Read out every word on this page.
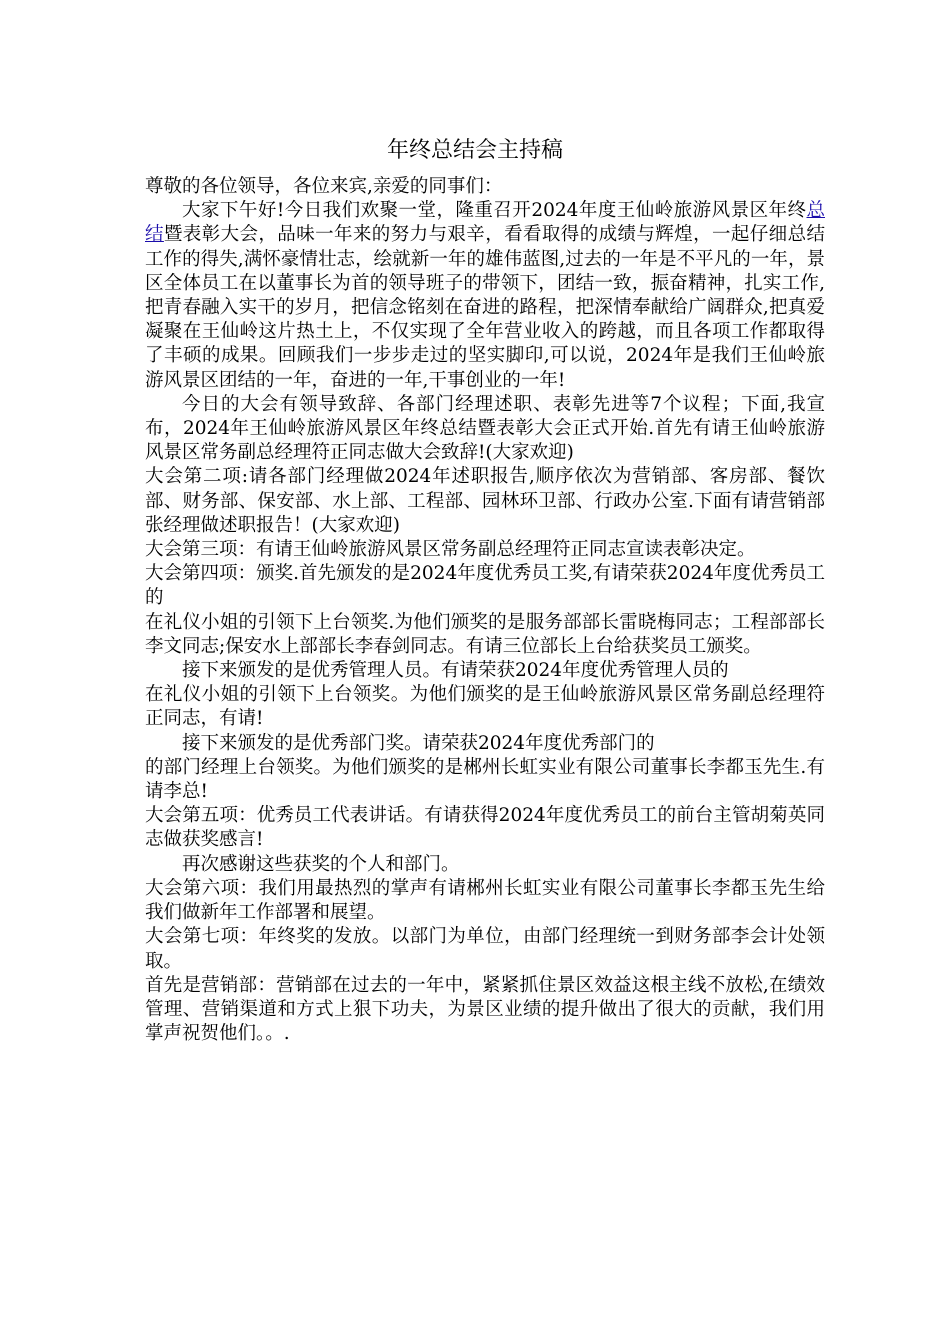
年终总结会主持稿

尊敬的各位领导，各位来宾,亲爱的同事们：

大家下午好!今日我们欢聚一堂，隆重召开2024年度王仙岭旅游风景区年终总结暨表彰大会，品味一年来的努力与艰辛，看看取得的成绩与辉煌，一起仔细总结工作的得失,满怀豪情壮志，绘就新一年的雄伟蓝图,过去的一年是不平凡的一年，景区全体员工在以董事长为首的领导班子的带领下，团结一致，振奋精神，扎实工作,把青春融入实干的岁月，把信念铭刻在奋进的路程，把深情奉献给广阔群众,把真爱凝聚在王仙岭这片热土上，不仅实现了全年营业收入的跨越，而且各项工作都取得了丰硕的成果。回顾我们一步步走过的坚实脚印,可以说，2024年是我们王仙岭旅游风景区团结的一年，奋进的一年,干事创业的一年!

今日的大会有领导致辞、各部门经理述职、表彰先进等7个议程；下面,我宣布，2024年王仙岭旅游风景区年终总结暨表彰大会正式开始.首先有请王仙岭旅游风景区常务副总经理符正同志做大会致辞!(大家欢迎)

大会第二项:请各部门经理做2024年述职报告,顺序依次为营销部、客房部、餐饮部、财务部、保安部、水上部、工程部、园林环卫部、行政办公室.下面有请营销部张经理做述职报告！(大家欢迎)

大会第三项：有请王仙岭旅游风景区常务副总经理符正同志宣读表彰决定。

大会第四项：颁奖.首先颁发的是2024年度优秀员工奖,有请荣获2024年度优秀员工的

在礼仪小姐的引领下上台领奖.为他们颁奖的是服务部部长雷晓梅同志；工程部部长李文同志;保安水上部部长李春剑同志。有请三位部长上台给获奖员工颁奖。

接下来颁发的是优秀管理人员。有请荣获2024年度优秀管理人员的

在礼仪小姐的引领下上台领奖。为他们颁奖的是王仙岭旅游风景区常务副总经理符正同志，有请!

接下来颁发的是优秀部门奖。请荣获2024年度优秀部门的

的部门经理上台领奖。为他们颁奖的是郴州长虹实业有限公司董事长李都玉先生.有请李总!

大会第五项：优秀员工代表讲话。有请获得2024年度优秀员工的前台主管胡菊英同志做获奖感言!

再次感谢这些获奖的个人和部门。

大会第六项：我们用最热烈的掌声有请郴州长虹实业有限公司董事长李都玉先生给我们做新年工作部署和展望。

大会第七项：年终奖的发放。以部门为单位，由部门经理统一到财务部李会计处领取。

首先是营销部：营销部在过去的一年中，紧紧抓住景区效益这根主线不放松,在绩效管理、营销渠道和方式上狠下功夫，为景区业绩的提升做出了很大的贡献，我们用掌声祝贺他们。。.
